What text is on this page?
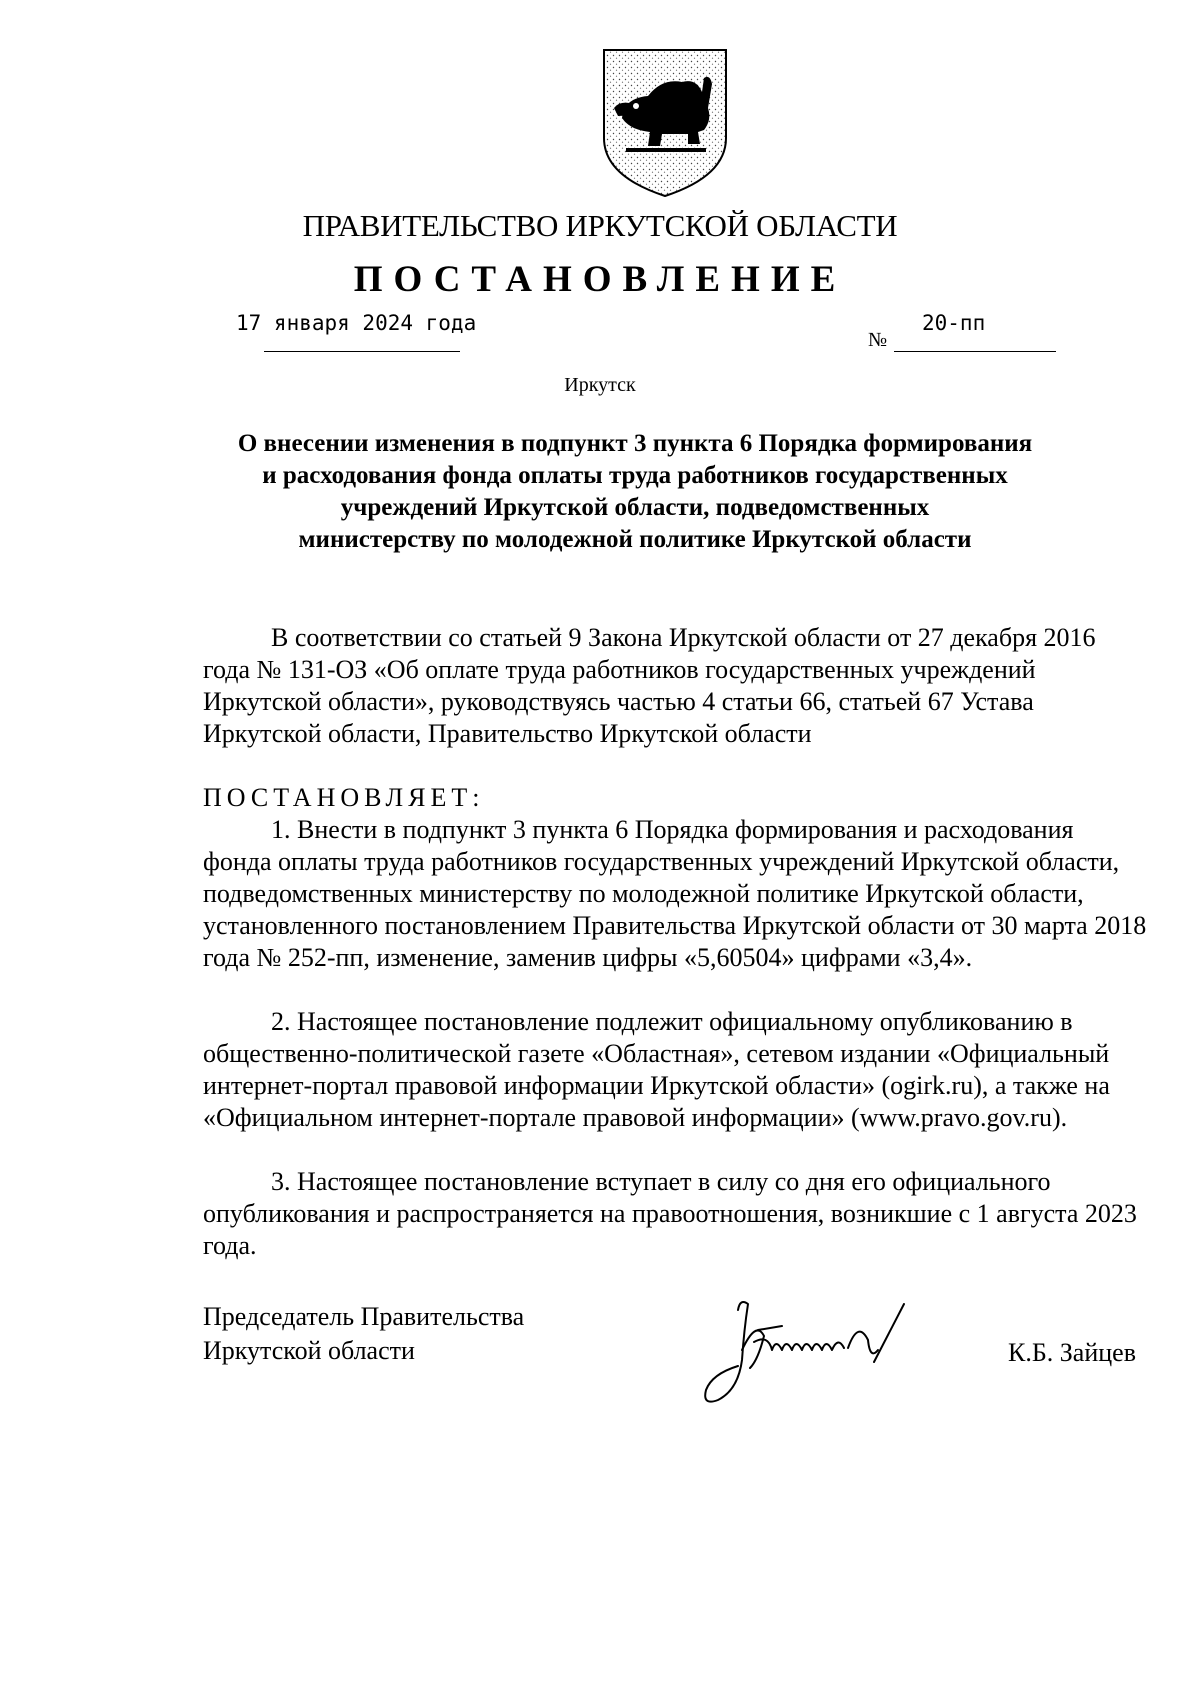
ПРАВИТЕЛЬСТВО ИРКУТСКОЙ ОБЛАСТИ
ПОСТАНОВЛЕНИЕ
17 января 2024 года
№
20-пп
Иркутск
О внесении изменения в подпункт 3 пункта 6 Порядка формирования
и расходования фонда оплаты труда работников государственных
учреждений Иркутской области, подведомственных
министерству по молодежной политике Иркутской области

В соответствии со статьей 9 Закона Иркутской области от 27 декабря 2016 года № 131-ОЗ «Об оплате труда работников государственных учреждений Иркутской области», руководствуясь частью 4 статьи 66, статьей 67 Устава Иркутской области, Правительство Иркутской области

ПОСТАНОВЛЯЕТ:

1. Внести в подпункт 3 пункта 6 Порядка формирования и расходования фонда оплаты труда работников государственных учреждений Иркутской области, подведомственных министерству по молодежной политике Иркутской области, установленного постановлением Правительства Иркутской области от 30 марта 2018 года № 252-пп, изменение, заменив цифры «5,60504» цифрами «3,4».

2. Настоящее постановление подлежит официальному опубликованию в общественно-политической газете «Областная», сетевом издании «Официальный интернет-портал правовой информации Иркутской области» (ogirk.ru), а также на «Официальном интернет-портале правовой информации» (www.pravo.gov.ru).

3. Настоящее постановление вступает в силу со дня его официального опубликования и распространяется на правоотношения, возникшие с 1 августа 2023 года.

Председатель Правительства
Иркутской области	К.Б. Зайцев
